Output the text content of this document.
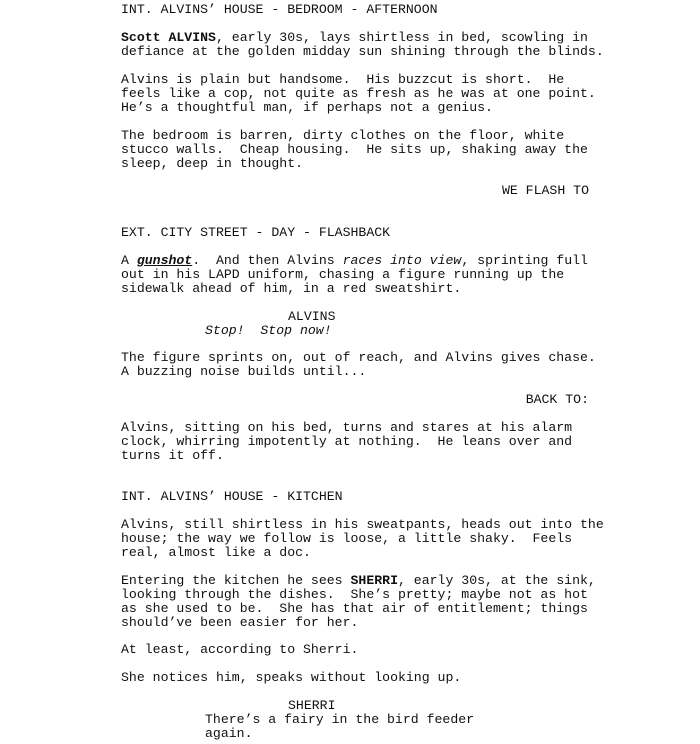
INT. ALVINS’ HOUSE - BEDROOM - AFTERNOON

Scott ALVINS, early 30s, lays shirtless in bed, scowling in

defiance at the golden midday sun shining through the blinds.

Alvins is plain but handsome.  His buzzcut is short.  He

feels like a cop, not quite as fresh as he was at one point.

He’s a thoughtful man, if perhaps not a genius.

The bedroom is barren, dirty clothes on the floor, white

stucco walls.  Cheap housing.  He sits up, shaking away the

sleep, deep in thought.

WE FLASH TO

EXT. CITY STREET - DAY - FLASHBACK

A gunshot.  And then Alvins races into view, sprinting full

out in his LAPD uniform, chasing a figure running up the

sidewalk ahead of him, in a red sweatshirt.

ALVINS

Stop!  Stop now!

The figure sprints on, out of reach, and Alvins gives chase.

A buzzing noise builds until...

BACK TO:

Alvins, sitting on his bed, turns and stares at his alarm

clock, whirring impotently at nothing.  He leans over and

turns it off.

INT. ALVINS’ HOUSE - KITCHEN

Alvins, still shirtless in his sweatpants, heads out into the

house; the way we follow is loose, a little shaky.  Feels

real, almost like a doc.

Entering the kitchen he sees SHERRI, early 30s, at the sink,

looking through the dishes.  She’s pretty; maybe not as hot

as she used to be.  She has that air of entitlement; things

should’ve been easier for her.

At least, according to Sherri.

She notices him, speaks without looking up.

SHERRI

There’s a fairy in the bird feeder

again.
